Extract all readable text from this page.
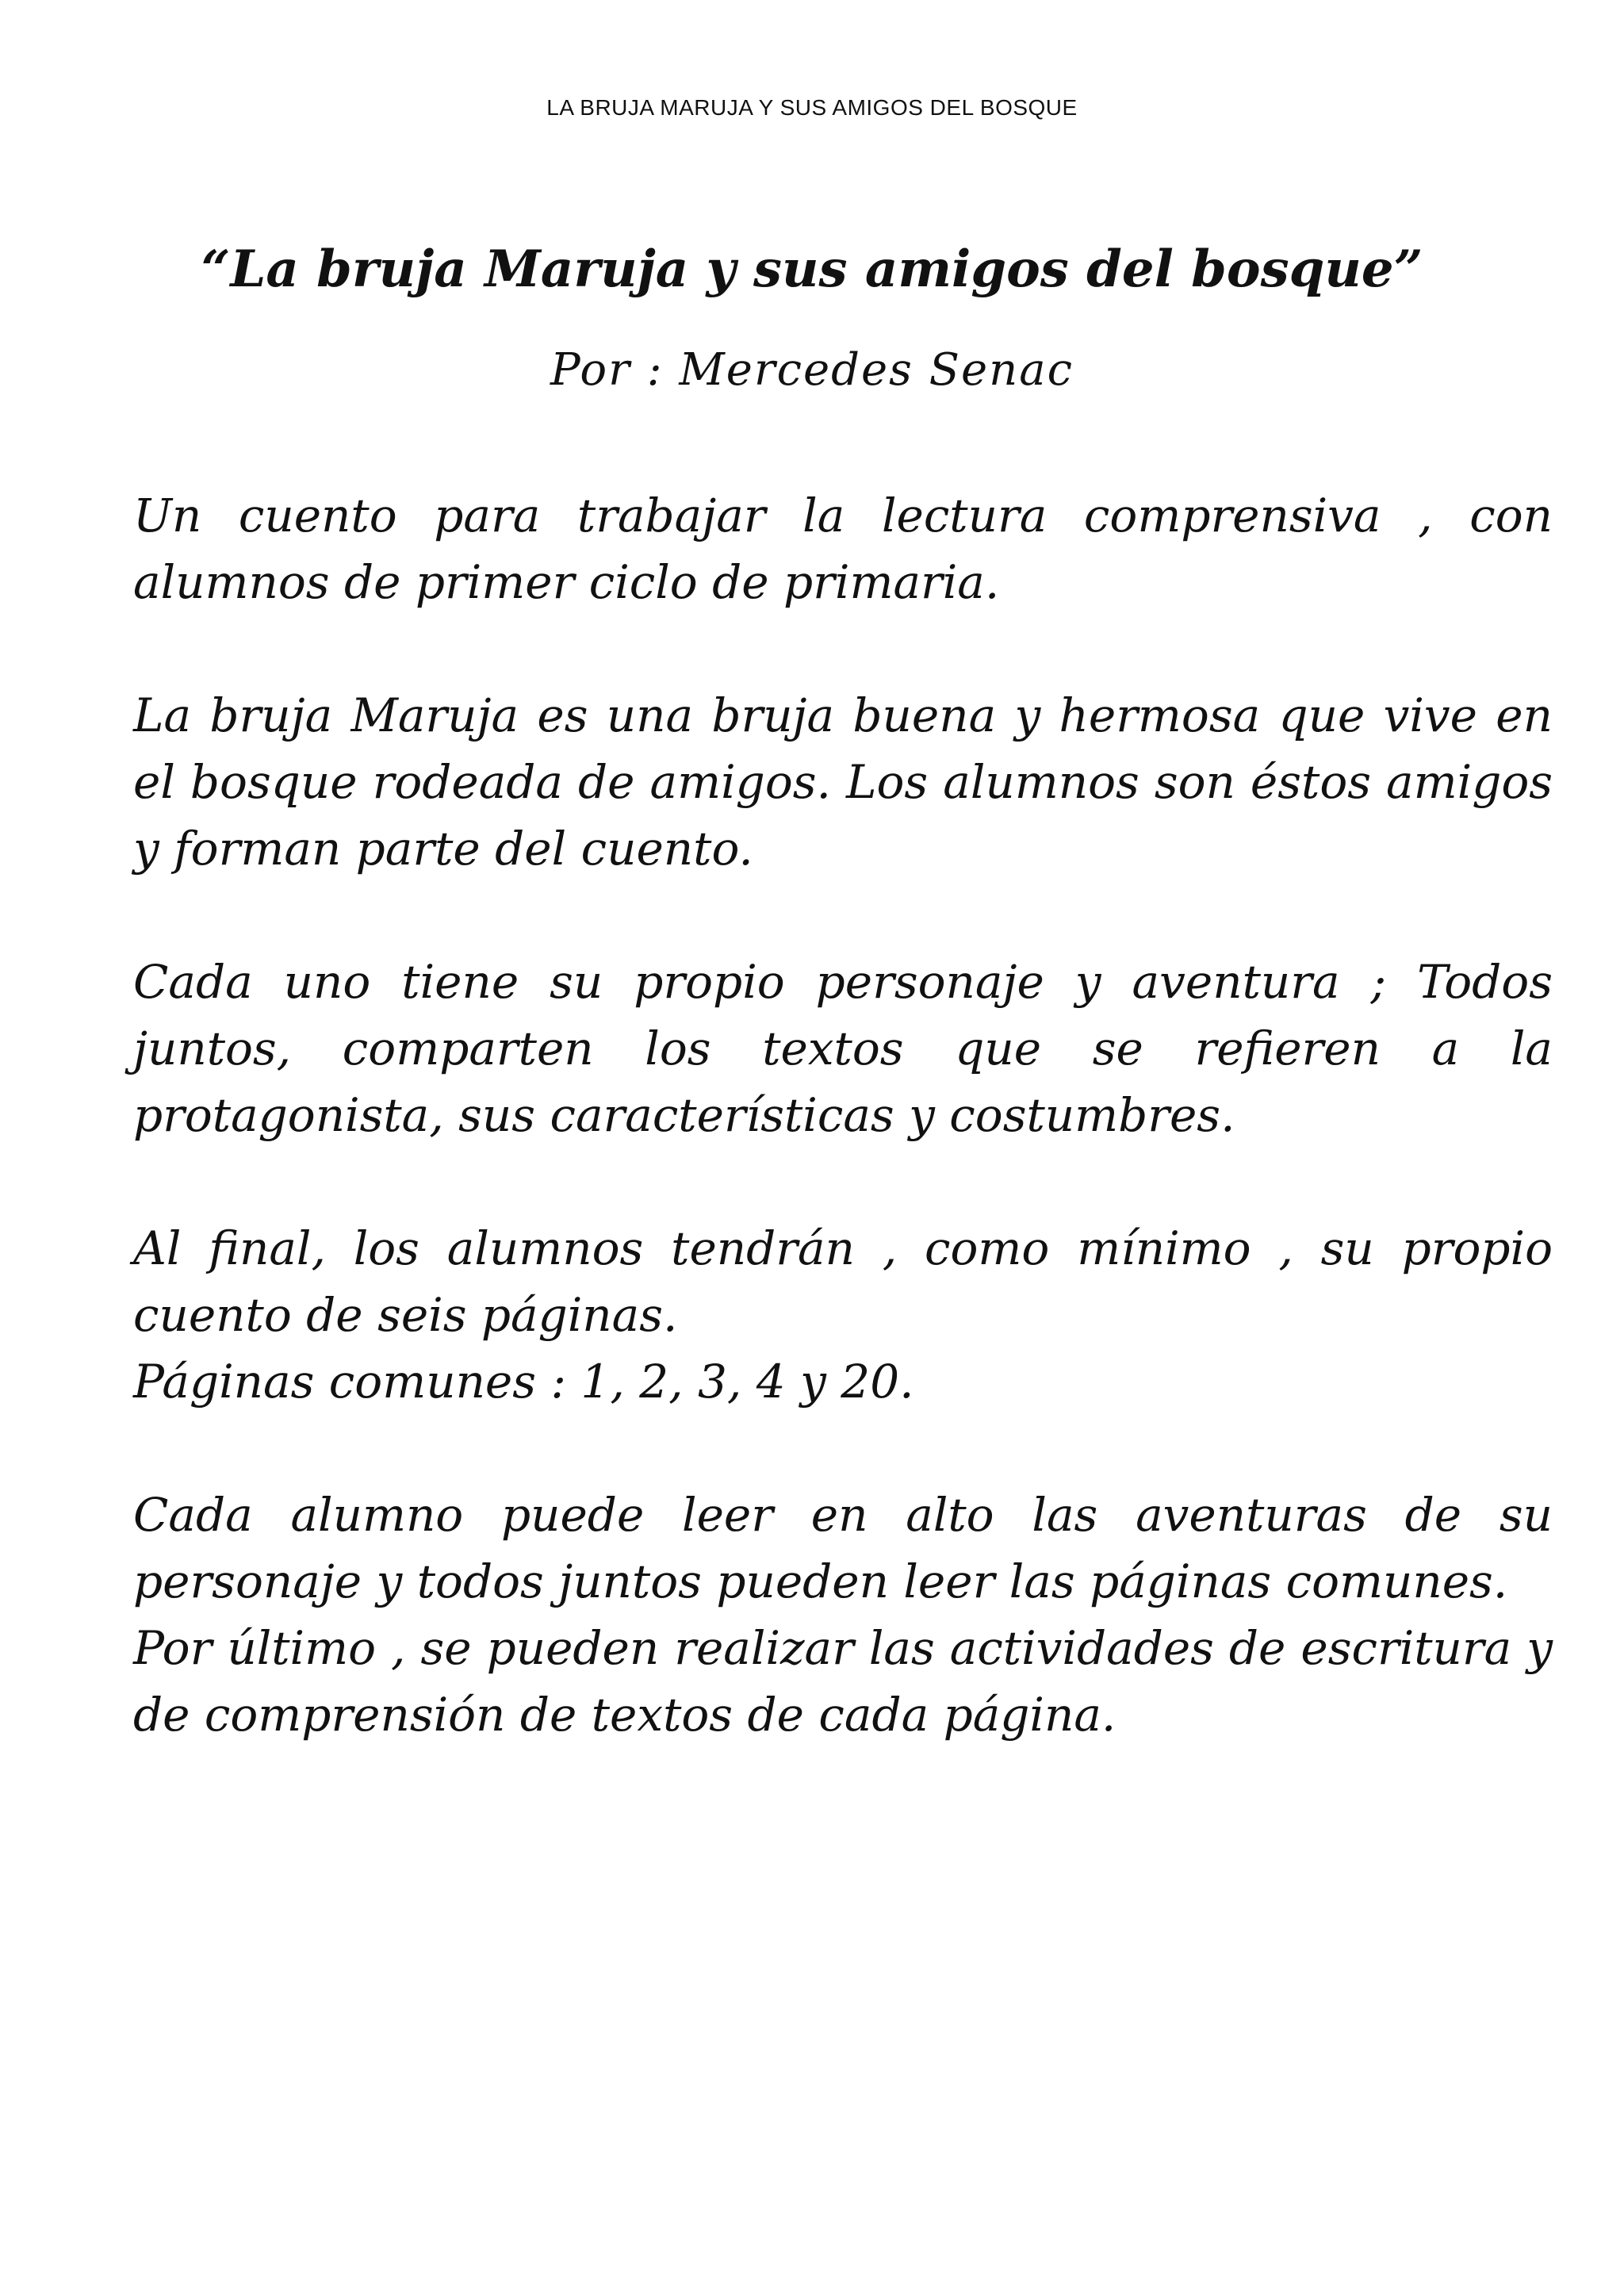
LA BRUJA MARUJA Y SUS AMIGOS DEL BOSQUE
“La bruja Maruja y sus amigos del bosque”
Por : Mercedes Senac

Un cuento para trabajar la lectura comprensiva , con alumnos de primer ciclo de primaria.

La bruja Maruja es una bruja buena y hermosa que vive en el bosque rodeada de amigos. Los alumnos son éstos amigos y forman parte del cuento.

Cada uno tiene su propio personaje y aventura ; Todos juntos, comparten los textos que se refieren a la protagonista, sus características y costumbres.

Al final, los alumnos tendrán , como mínimo , su propio cuento de seis páginas.

Páginas comunes : 1, 2, 3, 4 y 20.

Cada alumno puede leer en alto las aventuras de su personaje y todos juntos pueden leer las páginas comunes.

Por último , se pueden realizar las actividades de escritura y de comprensión de textos de cada página.
